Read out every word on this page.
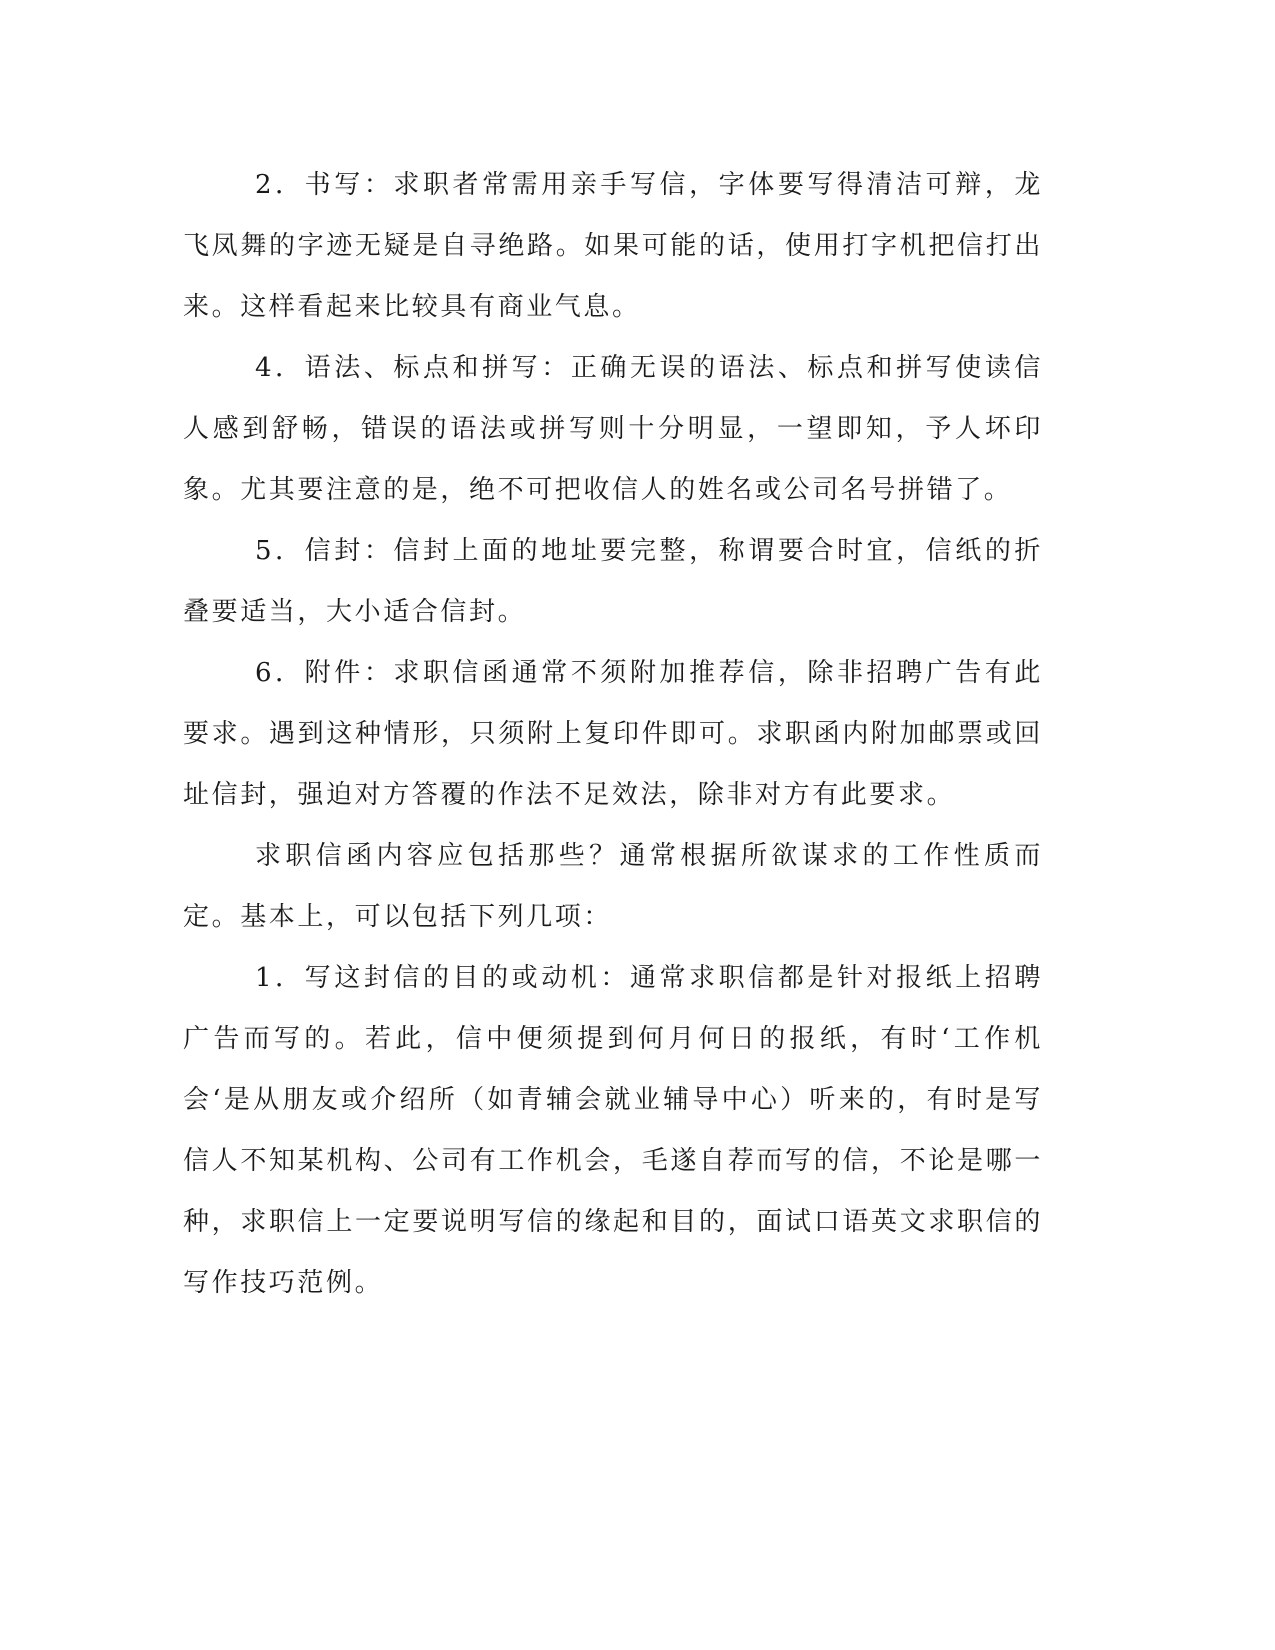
2．书写：求职者常需用亲手写信，字体要写得清洁可辩，龙飞凤舞的字迹无疑是自寻绝路。如果可能的话，使用打字机把信打出来。这样看起来比较具有商业气息。

4．语法、标点和拼写：正确无误的语法、标点和拼写使读信人感到舒畅，错误的语法或拼写则十分明显，一望即知，予人坏印象。尤其要注意的是，绝不可把收信人的姓名或公司名号拼错了。

5．信封：信封上面的地址要完整，称谓要合时宜，信纸的折叠要适当，大小适合信封。

6．附件：求职信函通常不须附加推荐信，除非招聘广告有此要求。遇到这种情形，只须附上复印件即可。求职函内附加邮票或回址信封，强迫对方答覆的作法不足效法，除非对方有此要求。

求职信函内容应包括那些？通常根据所欲谋求的工作性质而定。基本上，可以包括下列几项：

1．写这封信的目的或动机：通常求职信都是针对报纸上招聘广告而写的。若此，信中便须提到何月何日的报纸，有时‘工作机会‘是从朋友或介绍所（如青辅会就业辅导中心）听来的，有时是写信人不知某机构、公司有工作机会，毛遂自荐而写的信，不论是哪一种，求职信上一定要说明写信的缘起和目的，面试口语英文求职信的写作技巧范例。
